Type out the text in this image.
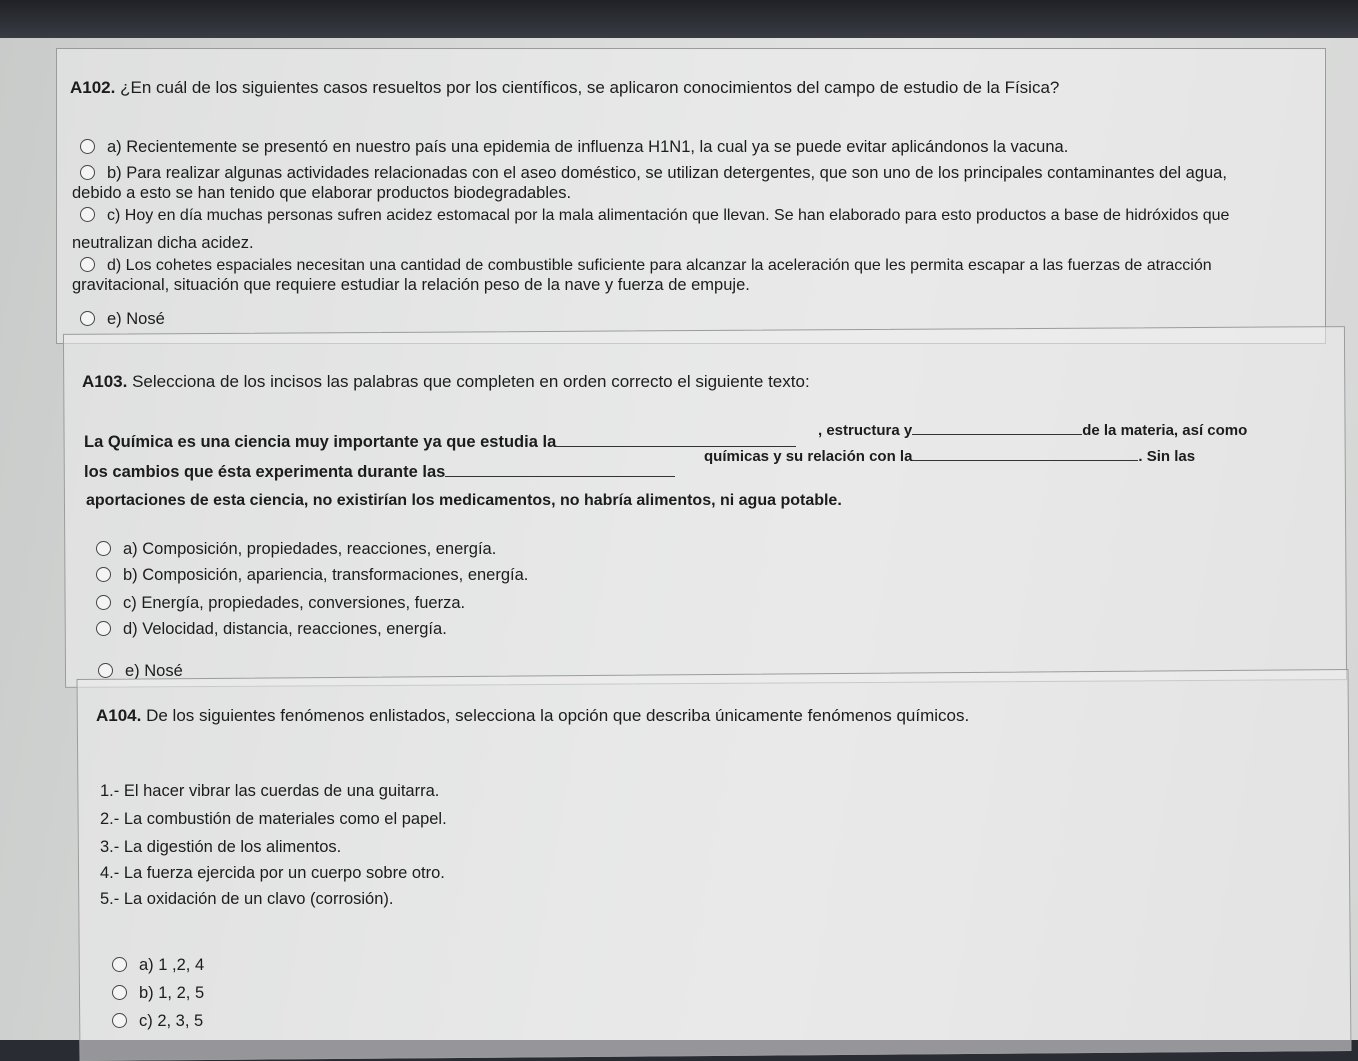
A102. ¿En cuál de los siguientes casos resueltos por los científicos, se aplicaron conocimientos del campo de estudio de la Física?
a) Recientemente se presentó en nuestro país una epidemia de influenza H1N1, la cual ya se puede evitar aplicándonos la vacuna.
b) Para realizar algunas actividades relacionadas con el aseo doméstico, se utilizan detergentes, que son uno de los principales contaminantes del agua,
debido a esto se han tenido que elaborar productos biodegradables.
c) Hoy en día muchas personas sufren acidez estomacal por la mala alimentación que llevan. Se han elaborado para esto productos a base de hidróxidos que
neutralizan dicha acidez.
d) Los cohetes espaciales necesitan una cantidad de combustible suficiente para alcanzar la aceleración que les permita escapar a las fuerzas de atracción
gravitacional, situación que requiere estudiar la relación peso de la nave y fuerza de empuje.
e) Nosé
A103. Selecciona de los incisos las palabras que completen en orden correcto el siguiente texto:
La Química es una ciencia muy importante ya que estudia la
, estructura y	de la materia, así como
los cambios que ésta experimenta durante las
químicas y su relación con la	. Sin las
aportaciones de esta ciencia, no existirían los medicamentos, no habría alimentos, ni agua potable.
a) Composición, propiedades, reacciones, energía.
b) Composición, apariencia, transformaciones, energía.
c) Energía, propiedades, conversiones, fuerza.
d) Velocidad, distancia, reacciones, energía.
e) Nosé
A104. De los siguientes fenómenos enlistados, selecciona la opción que describa únicamente fenómenos químicos.
1.- El hacer vibrar las cuerdas de una guitarra.
2.- La combustión de materiales como el papel.
3.- La digestión de los alimentos.
4.- La fuerza ejercida por un cuerpo sobre otro.
5.- La oxidación de un clavo (corrosión).
a) 1 ,2, 4
b) 1, 2, 5
c) 2, 3, 5
